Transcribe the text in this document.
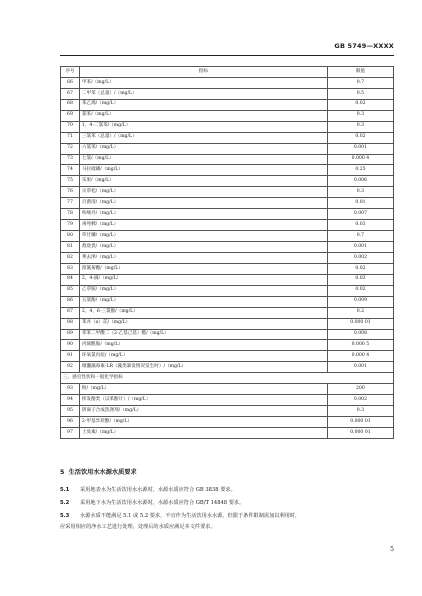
GB 5749—XXXX
序号	指标	限值
66	甲苯/（mg/L）	0.7
67	二甲苯（总量）/（mg/L）	0.5
68	苯乙烯/（mg/L）	0.02
69	氯苯/（mg/L）	0.3
70	1，4-二氯苯/（mg/L）	0.3
71	三氯苯（总量）/（mg/L）	0.02
72	六氯苯/（mg/L）	0.001
73	七氯/（mg/L）	0.000 4
74	马拉硫磷/（mg/L）	0.25
75	乐果/（mg/L）	0.006
76	灭草松/（mg/L）	0.3
77	百菌清/（mg/L）	0.01
78	呋喃丹/（mg/L）	0.007
79	毒死蜱/（mg/L）	0.03
80	草甘膦/（mg/L）	0.7
81	敌敌畏/（mg/L）	0.001
82	莠去津/（mg/L）	0.002
83	溴氰菊酯/（mg/L）	0.02
84	2，4-滴/（mg/L）	0.03
85	乙草胺/（mg/L）	0.02
86	五氯酚/（mg/L）	0.009
87	2，4，6-三氯酚/（mg/L）	0.2
88	苯并（a）芘/（mg/L）	0.000 01
89	邻苯二甲酸二（2-乙基己基）酯/（mg/L）	0.008
90	丙烯酰胺/（mg/L）	0.000 5
91	环氧氯丙烷/（mg/L）	0.000 4
92	微囊藻毒素-LR（藻类暴发情况发生时）/（mg/L）	0.001
三、感官性状和一般化学指标		
93	钠/（mg/L）	200
94	挥发酚类（以苯酚计）/（mg/L）	0.002
95	阴离子合成洗涤剂/（mg/L）	0.3
96	2-甲基异莰醇/（mg/L）	0.000 01
97	土臭素/（mg/L）	0.000 01
5 生活饮用水水源水质要求
5.1 采用地表水为生活饮用水水源时，水源水质应符合 GB 3838 要求。
5.2 采用地下水为生活饮用水水源时，水源水质应符合 GB/T 14848 要求。
5.3 水源水质不能满足 5.1 或 5.2 要求，不宜作为生活饮用水水源。但限于条件限制需加以利用时，
应采用相应的净水工艺进行处理，处理后的水质应满足本文件要求。
5
